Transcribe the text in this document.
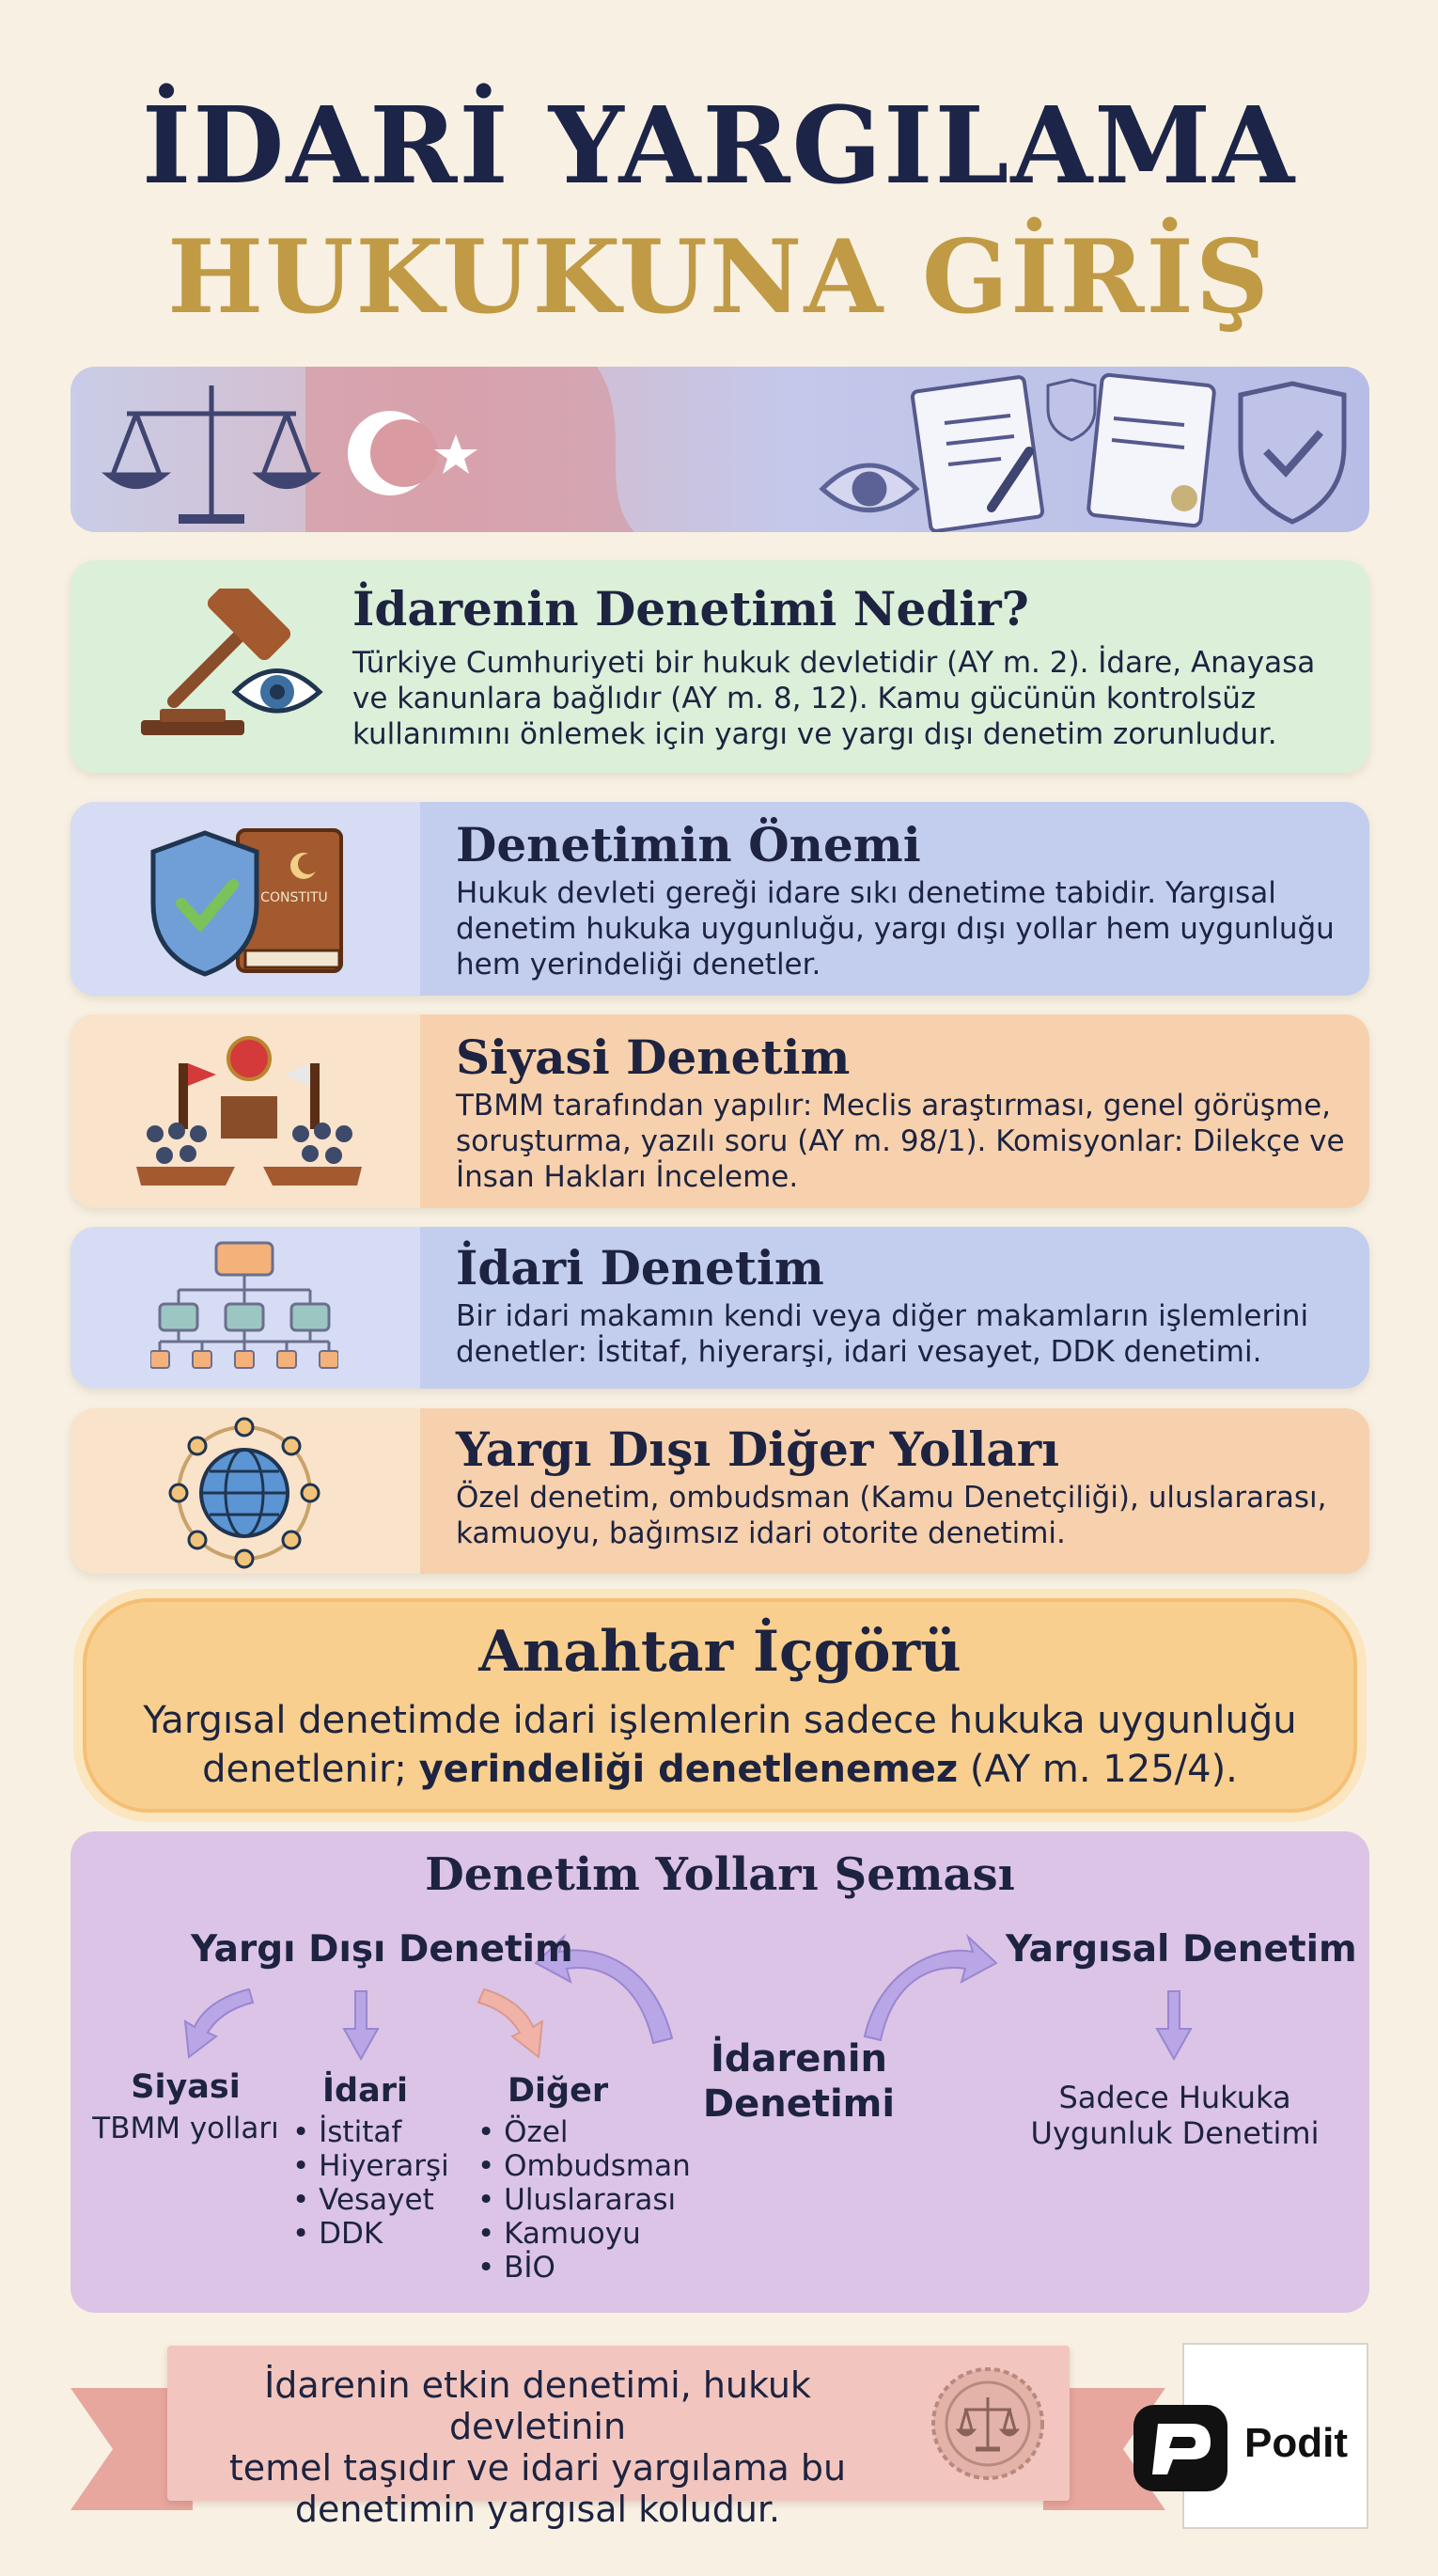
İDARİ YARGILAMA
HUKUKUNA GİRİŞ
İdarenin Denetimi Nedir?

Türkiye Cumhuriyeti bir hukuk devletidir (AY m. 2). İdare, Anayasa ve kanunlara bağlıdır (AY m. 8, 12). Kamu gücünün kontrolsüz kullanımını önlemek için yargı ve yargı dışı denetim zorunludur.

CONSTITU
Denetimin Önemi

Hukuk devleti gereği idare sıkı denetime tabidir. Yargısal denetim hukuka uygunluğu, yargı dışı yollar hem uygunluğu hem yerindeliği denetler.

Siyasi Denetim

TBMM tarafından yapılır: Meclis araştırması, genel görüşme, soruşturma, yazılı soru (AY m. 98/1). Komisyonlar: Dilekçe ve İnsan Hakları İnceleme.

İdari Denetim

Bir idari makamın kendi veya diğer makamların işlemlerini denetler: İstitaf, hiyerarşi, idari vesayet, DDK denetimi.

Yargı Dışı Diğer Yolları

Özel denetim, ombudsman (Kamu Denetçiliği), uluslararası, kamuoyu, bağımsız idari otorite denetimi.

Anahtar İçgörü

Yargısal denetimde idari işlemlerin sadece hukuka uygunluğu
denetlenir; yerindeliği denetlenemez (AY m. 125/4).

Denetim Yolları Şeması
Yargı Dışı Denetim	Yargısal Denetim
İdarenin
Denetimi
Siyasi
TBMM yolları
İdari
• İstitaf
• Hiyerarşi
• Vesayet
• DDK
Diğer
• Özel
• Ombudsman
• Uluslararası
• Kamuoyu
• BİO
Sadece Hukuka
Uygunluk Denetimi

İdarenin etkin denetimi, hukuk devletinin
temel taşıdır ve idari yargılama bu
denetimin yargısal koludur.

Podit
